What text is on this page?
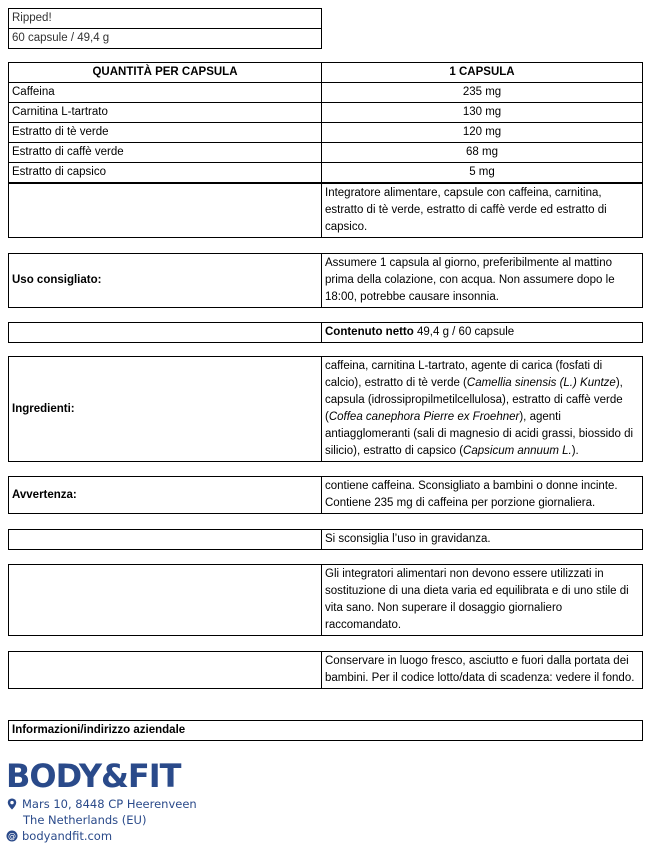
Ripped!
60 capsule / 49,4 g
QUANTITÀ PER CAPSULA	1 CAPSULA
Caffeina	235 mg
Carnitina L-tartrato	130 mg
Estratto di tè verde	120 mg
Estratto di caffè verde	68 mg
Estratto di capsico	5 mg
	Integratore alimentare, capsule con caffeina, carnitina, estratto di tè verde, estratto di caffè verde ed estratto di capsico.
Uso consigliato:	Assumere 1 capsula al giorno, preferibilmente al mattino prima della colazione, con acqua. Non assumere dopo le 18:00, potrebbe causare insonnia.
	Contenuto netto 49,4 g / 60 capsule
Ingredienti:	caffeina, carnitina L-tartrato, agente di carica (fosfati di calcio), estratto di tè verde (Camellia sinensis (L.) Kuntze), capsula (idrossipropilmetilcellulosa), estratto di caffè verde (Coffea canephora Pierre ex Froehner), agenti antiagglomeranti (sali di magnesio di acidi grassi, biossido di silicio), estratto di capsico (Capsicum annuum L.).
Avvertenza:	contiene caffeina. Sconsigliato a bambini o donne incinte. Contiene 235 mg di caffeina per porzione giornaliera.
	Si sconsiglia l’uso in gravidanza.
	Gli integratori alimentari non devono essere utilizzati in sostituzione di una dieta varia ed equilibrata e di uno stile di vita sano. Non superare il dosaggio giornaliero raccomandato.
	Conservare in luogo fresco, asciutto e fuori dalla portata dei bambini. Per il codice lotto/data di scadenza: vedere il fondo.
Informazioni/indirizzo aziendale
BODY&FIT
Mars 10, 8448 CP Heerenveen
The Netherlands (EU)
@ bodyandfit.com
